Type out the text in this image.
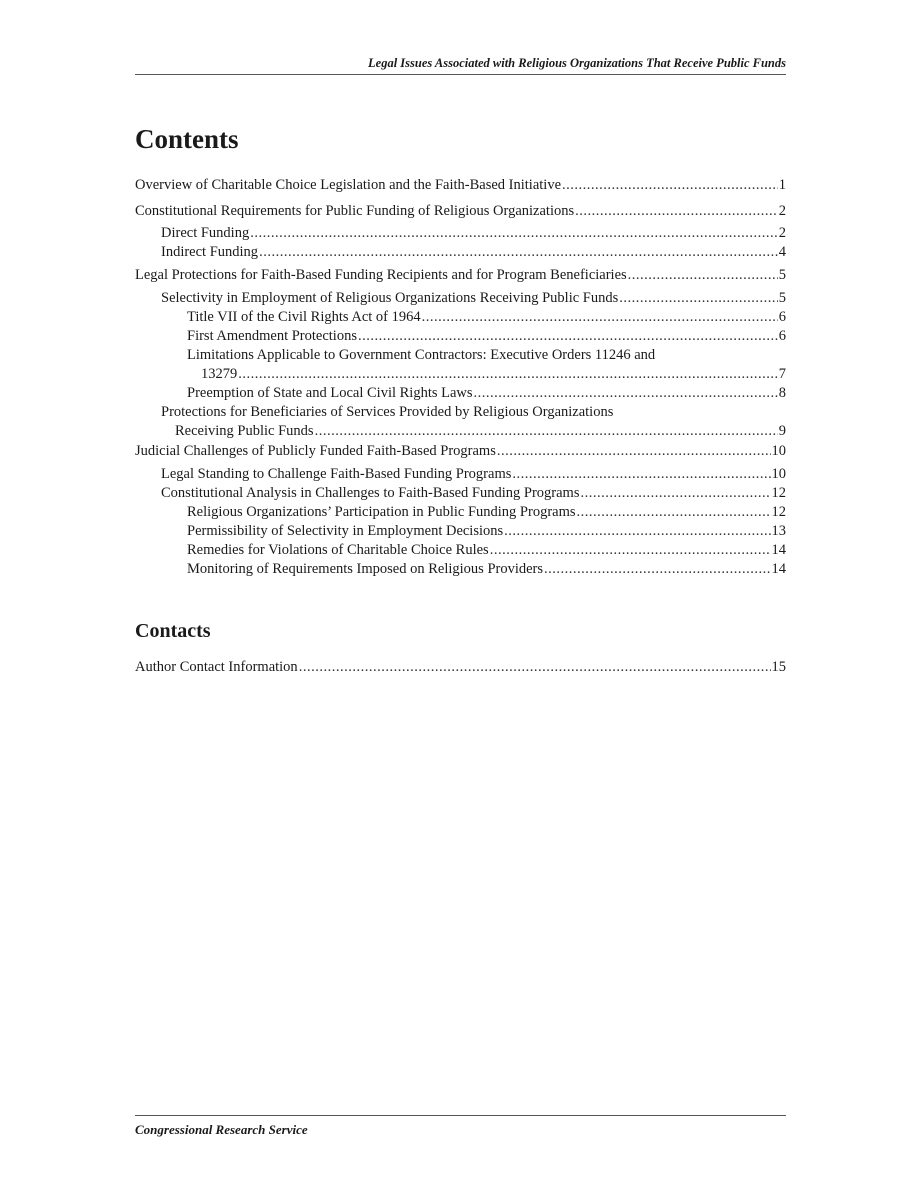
Legal Issues Associated with Religious Organizations That Receive Public Funds
Contents
Overview of Charitable Choice Legislation and the Faith-Based Initiative .....	1
Constitutional Requirements for Public Funding of Religious Organizations .....	2
Direct Funding .....	2
Indirect Funding .....	4
Legal Protections for Faith-Based Funding Recipients and for Program Beneficiaries .....	5
Selectivity in Employment of Religious Organizations Receiving Public Funds .....	5
Title VII of the Civil Rights Act of 1964 .....	6
First Amendment Protections .....	6
Limitations Applicable to Government Contractors: Executive Orders 11246 and
13279 .....	7
Preemption of State and Local Civil Rights Laws .....	8
Protections for Beneficiaries of Services Provided by Religious Organizations
Receiving Public Funds .....	9
Judicial Challenges of Publicly Funded Faith-Based Programs .....	10
Legal Standing to Challenge Faith-Based Funding Programs .....	10
Constitutional Analysis in Challenges to Faith-Based Funding Programs .....	12
Religious Organizations’ Participation in Public Funding Programs .....	12
Permissibility of Selectivity in Employment Decisions .....	13
Remedies for Violations of Charitable Choice Rules .....	14
Monitoring of Requirements Imposed on Religious Providers .....	14
Contacts
Author Contact Information .....	15
Congressional Research Service
